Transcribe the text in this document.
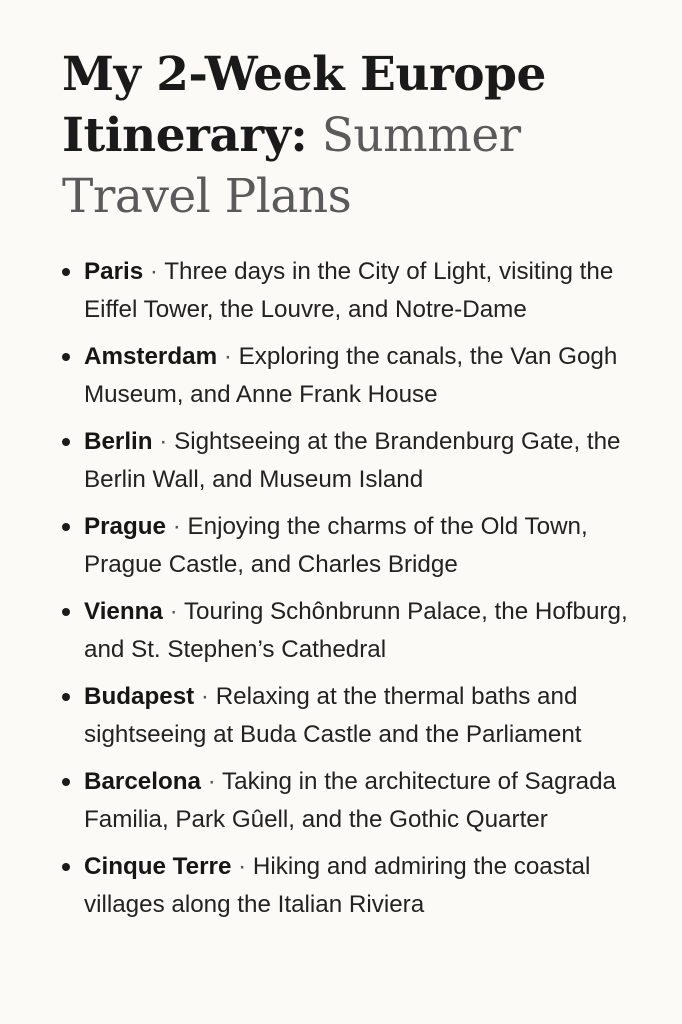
My 2-Week Europe Itinerary: Summer Travel Plans
Paris · Three days in the City of Light, visiting the Eiffel Tower, the Louvre, and Notre-Dame
Amsterdam · Exploring the canals, the Van Gogh Museum, and Anne Frank House
Berlin · Sightseeing at the Brandenburg Gate, the Berlin Wall, and Museum Island
Prague · Enjoying the charms of the Old Town, Prague Castle, and Charles Bridge
Vienna · Touring Schônbrunn Palace, the Hofburg, and St. Stephen’s Cathedral
Budapest · Relaxing at the thermal baths and sightseeing at Buda Castle and the Parliament
Barcelona · Taking in the architecture of Sagrada Familia, Park Gûell, and the Gothic Quarter
Cinque Terre · Hiking and admiring the coastal villages along the Italian Riviera
